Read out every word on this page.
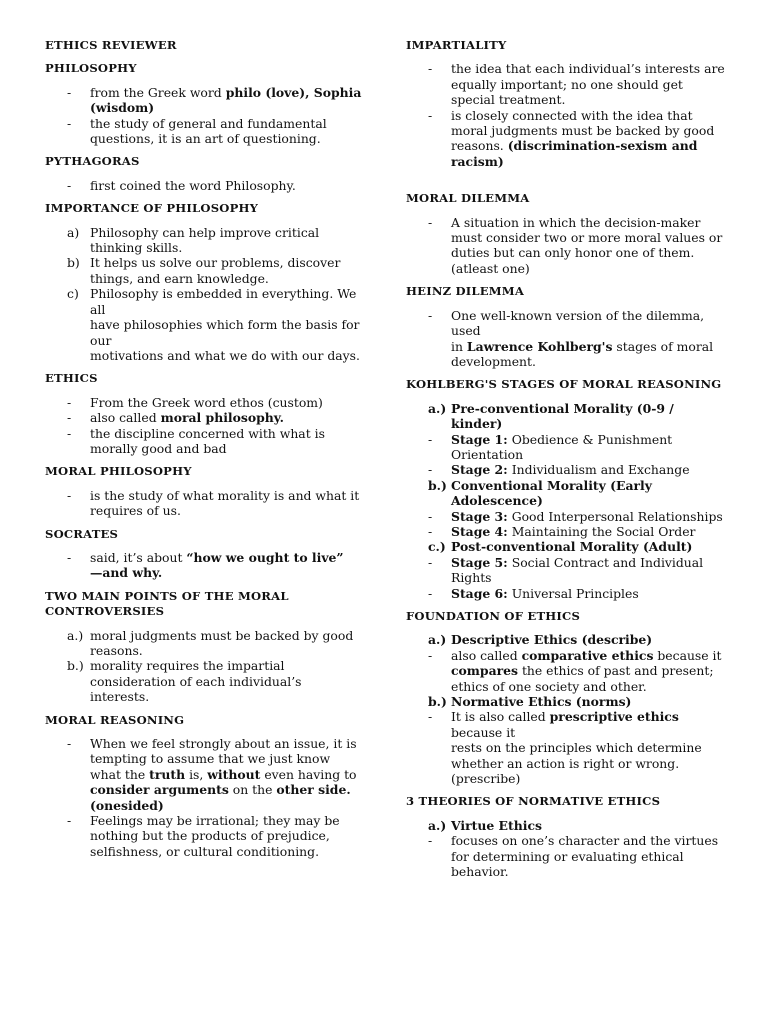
ETHICS REVIEWER
PHILOSOPHY
- from the Greek word philo (love), Sophia (wisdom)
- the study of general and fundamental questions, it is an art of questioning.
PYTHAGORAS
- first coined the word Philosophy.
IMPORTANCE OF PHILOSOPHY
a) Philosophy can help improve critical thinking skills.
b) It helps us solve our problems, discover
things, and earn knowledge.
c) Philosophy is embedded in everything. We all
have philosophies which form the basis for our
motivations and what we do with our days.
ETHICS
- From the Greek word ethos (custom)
- also called moral philosophy.
- the discipline concerned with what is morally good and bad
MORAL PHILOSOPHY
- is the study of what morality is and what it requires of us.
SOCRATES
- said, it’s about “how we ought to live”
—and why.
TWO MAIN POINTS OF THE MORAL CONTROVERSIES
a.) moral judgments must be backed by good reasons.
b.) morality requires the impartial consideration of each individual’s interests.
MORAL REASONING
- When we feel strongly about an issue, it is tempting to assume that we just know what the truth is, without even having to consider arguments on the other side. (onesided)
- Feelings may be irrational; they may be nothing but the products of prejudice, selfishness, or cultural conditioning.
IMPARTIALITY
- the idea that each individual’s interests are equally important; no one should get special treatment.
- is closely connected with the idea that moral judgments must be backed by good reasons. (discrimination-sexism and racism)
MORAL DILEMMA
- A situation in which the decision-maker must consider two or more moral values or
duties but can only honor one of them. (atleast one)
HEINZ DILEMMA
- One well-known version of the dilemma, used
in Lawrence Kohlberg's stages of moral development.
KOHLBERG'S STAGES OF MORAL REASONING
a.) Pre-conventional Morality (0-9 / kinder)
- Stage 1: Obedience & Punishment Orientation
- Stage 2: Individualism and Exchange
b.) Conventional Morality (Early Adolescence)
- Stage 3: Good Interpersonal Relationships
- Stage 4: Maintaining the Social Order
c.) Post-conventional Morality (Adult)
- Stage 5: Social Contract and Individual Rights
- Stage 6: Universal Principles
FOUNDATION OF ETHICS
a.) Descriptive Ethics (describe)
- also called comparative ethics because it
compares the ethics of past and present;
ethics of one society and other.
b.) Normative Ethics (norms)
- It is also called prescriptive ethics because it
rests on the principles which determine whether an action is right or wrong. (prescribe)
3 THEORIES OF NORMATIVE ETHICS
a.) Virtue Ethics
- focuses on one’s character and the virtues for determining or evaluating ethical behavior.
